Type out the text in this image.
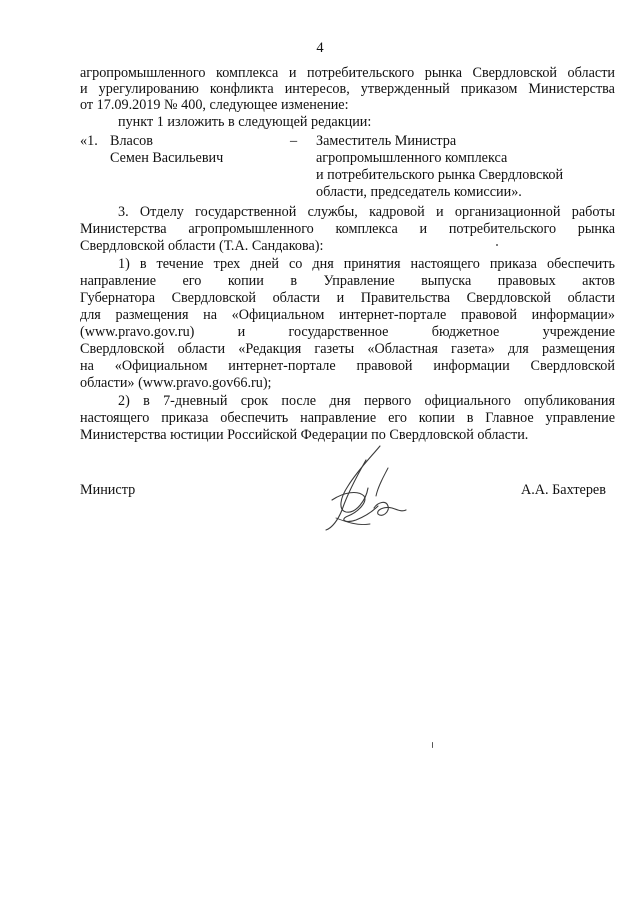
4
агропромышленного комплекса и потребительского рынка Свердловской области
и урегулированию конфликта интересов, утвержденный приказом Министерства
от 17.09.2019 № 400, следующее изменение:
пункт 1 изложить в следующей редакции:
«1. Власов
Семен Васильевич
– Заместитель Министра
агропромышленного комплекса
и потребительского рынка Свердловской
области, председатель комиссии».
3. Отделу государственной службы, кадровой и организационной работы
Министерства агропромышленного комплекса и потребительского рынка
Свердловской области (Т.А. Сандакова):
1) в течение трех дней со дня принятия настоящего приказа обеспечить
направление его копии в Управление выпуска правовых актов
Губернатора Свердловской области и Правительства Свердловской области
для размещения на «Официальном интернет-портале правовой информации»
(www.pravo.gov.ru) и государственное бюджетное учреждение
Свердловской области «Редакция газеты «Областная газета» для размещения
на «Официальном интернет-портале правовой информации Свердловской
области» (www.pravo.gov66.ru);
2) в 7-дневный срок после дня первого официального опубликования
настоящего приказа обеспечить направление его копии в Главное управление
Министерства юстиции Российской Федерации по Свердловской области.
Министр	А.А. Бахтерев
